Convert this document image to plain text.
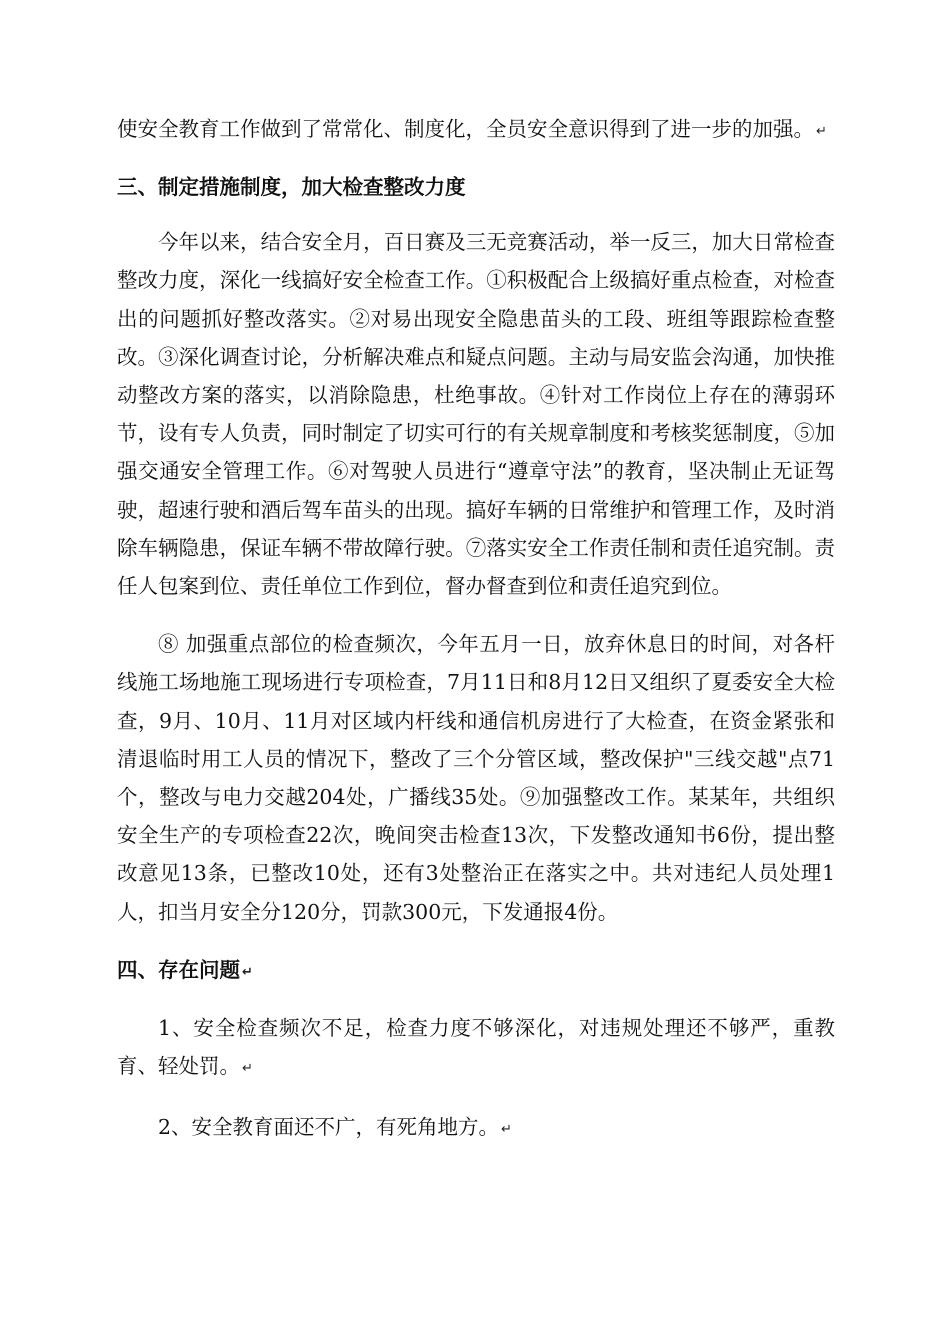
使安全教育工作做到了常常化、制度化，全员安全意识得到了进一步的加强。 ↵

三、制定措施制度，加大检查整改力度

今年以来，结合安全月，百日赛及三无竞赛活动，举一反三，加大日常检查整改力度，深化一线搞好安全检查工作。①积极配合上级搞好重点检查，对检查出的问题抓好整改落实。②对易出现安全隐患苗头的工段、班组等跟踪检查整改。③深化调查讨论，分析解决难点和疑点问题。主动与局安监会沟通，加快推动整改方案的落实，以消除隐患，杜绝事故。④针对工作岗位上存在的薄弱环节，设有专人负责，同时制定了切实可行的有关规章制度和考核奖惩制度，⑤加强交通安全管理工作。⑥对驾驶人员进行“遵章守法”的教育，坚决制止无证驾驶，超速行驶和酒后驾车苗头的出现。搞好车辆的日常维护和管理工作，及时消除车辆隐患，保证车辆不带故障行驶。⑦落实安全工作责任制和责任追究制。责任人包案到位、责任单位工作到位，督办督查到位和责任追究到位。

⑧ 加强重点部位的检查频次，今年五月一日，放弃休息日的时间，对各杆线施工场地施工现场进行专项检查，7月11日和8月12日又组织了夏委安全大检查，9月、10月、11月对区域内杆线和通信机房进行了大检查，在资金紧张和清退临时用工人员的情况下，整改了三个分管区域，整改保护"三线交越"点71个，整改与电力交越204处，广播线35处。⑨加强整改工作。某某年，共组织安全生产的专项检查22次，晚间突击检查13次，下发整改通知书6份，提出整改意见13条，已整改10处，还有3处整治正在落实之中。共对违纪人员处理1人，扣当月安全分120分，罚款300元，下发通报4份。

四、存在问题 ↵

1、安全检查频次不足，检查力度不够深化，对违规处理还不够严，重教育、轻处罚。 ↵

2、安全教育面还不广，有死角地方。 ↵
